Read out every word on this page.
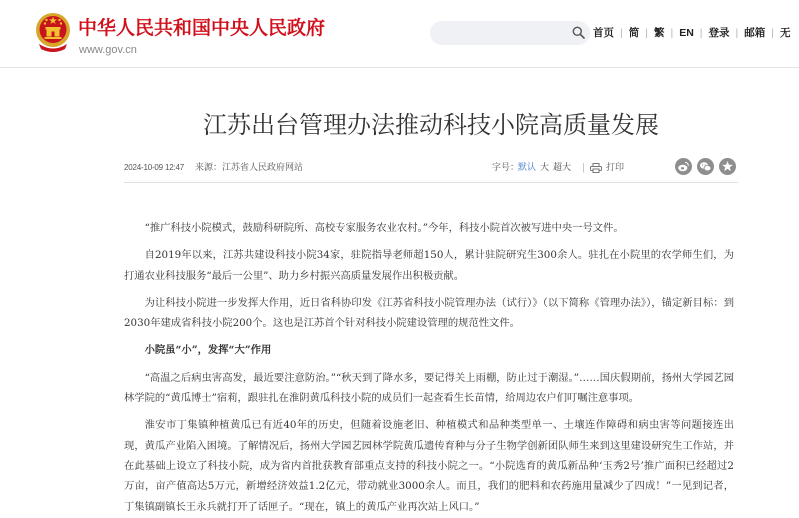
中华人民共和国中央人民政府
www.gov.cn
首页 | 简 | 繁 | EN | 登录 | 邮箱 | 无
江苏出台管理办法推动科技小院高质量发展
2024-10-09 12:47 来源： 江苏省人民政府网站	字号：
默认 大 超大 | 打印

“推广科技小院模式，鼓励科研院所、高校专家服务农业农村。”今年，科技小院首次被写进中央一号文件。

自2019年以来，江苏共建设科技小院34家，驻院指导老师超150人，累计驻院研究生300余人。驻扎在小院里的农学师生们，为打通农业科技服务“最后一公里”、助力乡村振兴高质量发展作出积极贡献。

为让科技小院进一步发挥大作用，近日省科协印发《江苏省科技小院管理办法（试行）》（以下简称《管理办法》），锚定新目标：到2030年建成省科技小院200个。这也是江苏首个针对科技小院建设管理的规范性文件。

小院虽“小”，发挥“大”作用

“高温之后病虫害高发，最近要注意防治。”“秋天到了降水多，要记得关上雨棚，防止过于潮湿。”……国庆假期前，扬州大学园艺园林学院的“黄瓜博士”宿莉，跟驻扎在淮阴黄瓜科技小院的成员们一起查看生长苗情，给周边农户们叮嘱注意事项。

淮安市丁集镇种植黄瓜已有近40年的历史，但随着设施老旧、种植模式和品种类型单一、土壤连作障碍和病虫害等问题接连出现，黄瓜产业陷入困境。了解情况后，扬州大学园艺园林学院黄瓜遗传育种与分子生物学创新团队师生来到这里建设研究生工作站，并在此基础上设立了科技小院，成为省内首批获教育部重点支持的科技小院之一。“小院选育的黄瓜新品种‘玉秀2号’推广面积已经超过2万亩，亩产值高达5万元，新增经济效益1.2亿元，带动就业3000余人。而且，我们的肥料和农药施用量减少了四成！”一见到记者，丁集镇副镇长王永兵就打开了话匣子。“现在，镇上的黄瓜产业再次站上风口。”
